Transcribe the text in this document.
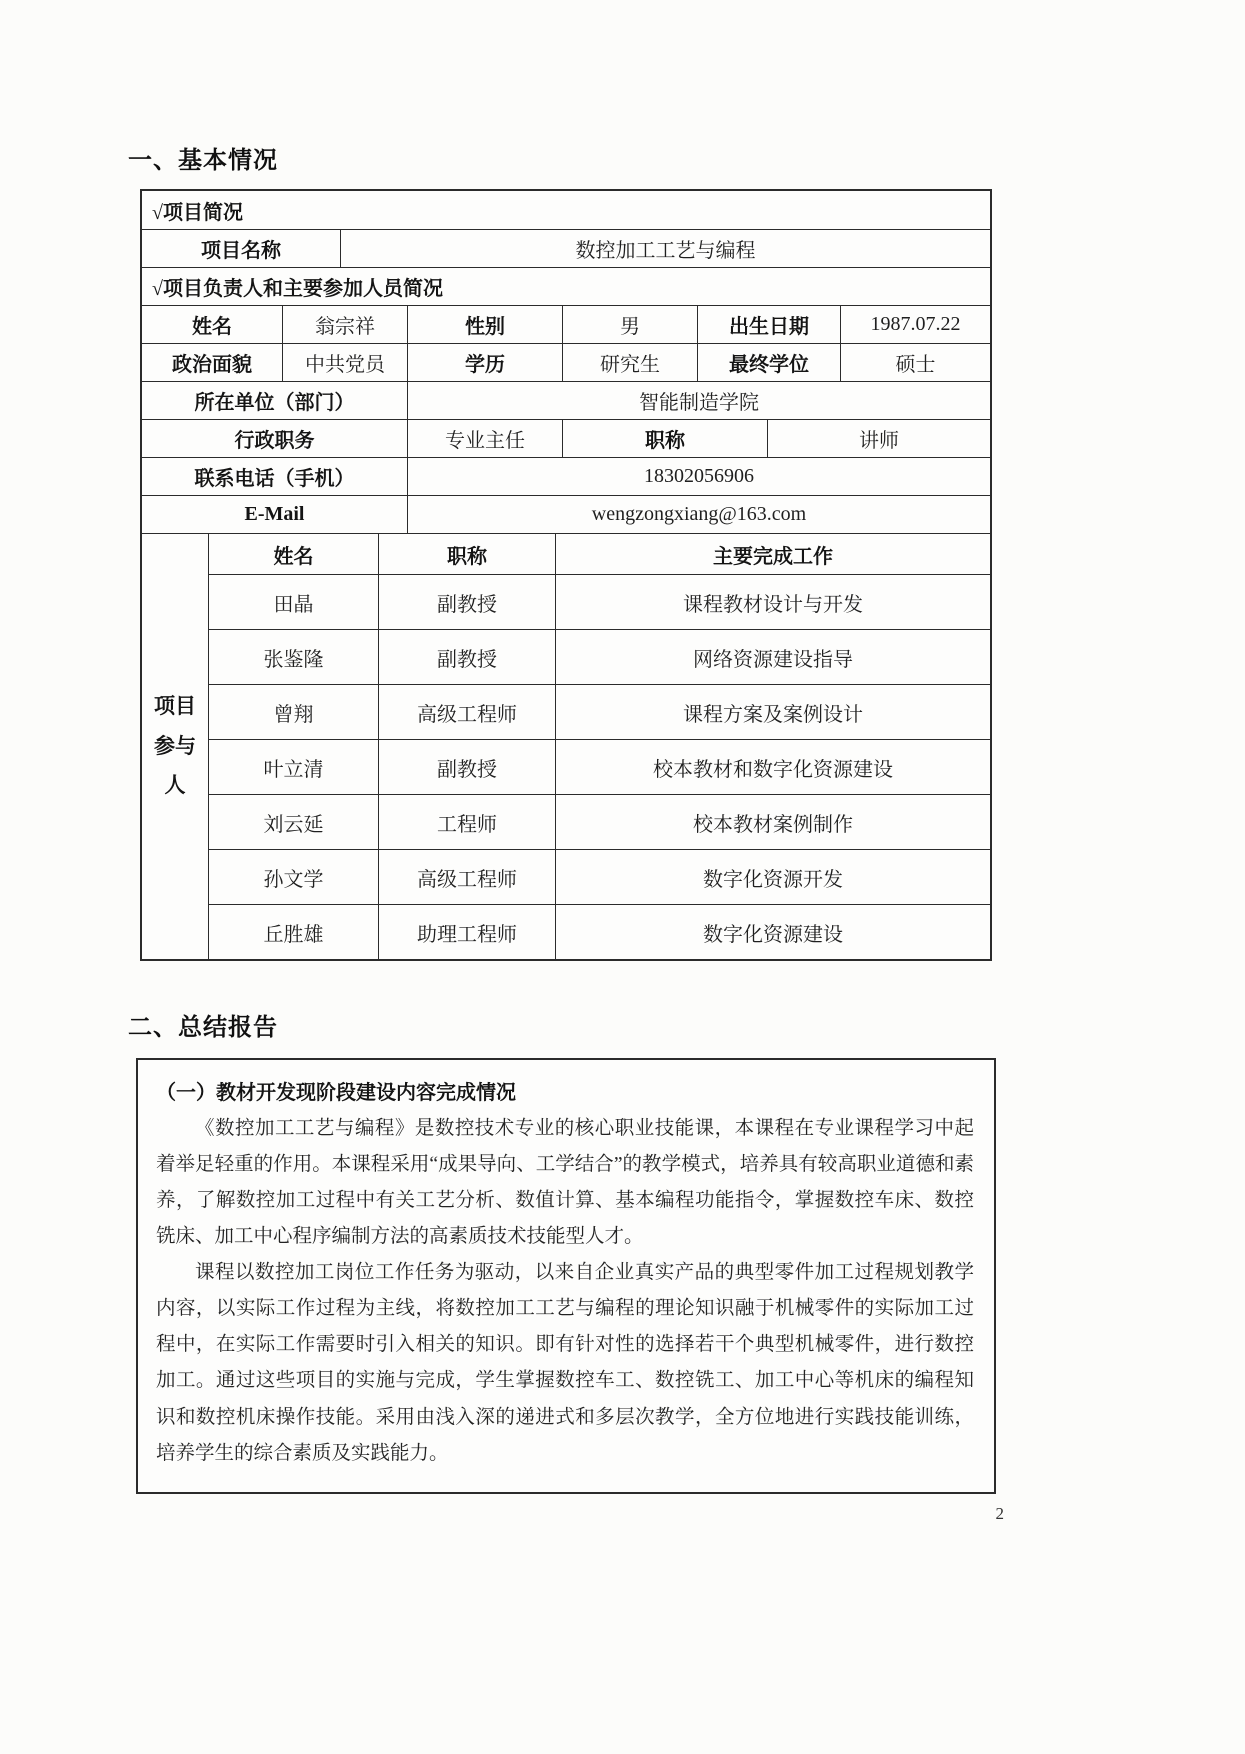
一、基本情况
√项目简况
项目名称	数控加工工艺与编程
√项目负责人和主要参加人员简况
姓名	翁宗祥	性别	男	出生日期	1987.07.22
政治面貌	中共党员	学历	研究生	最终学位	硕士
所在单位（部门）	智能制造学院
行政职务	专业主任	职称	讲师
联系电话（手机）	18302056906
E-Mail	wengzongxiang@163.com
项目参与人
姓名	职称	主要完成工作
田晶	副教授	课程教材设计与开发
张鉴隆	副教授	网络资源建设指导
曾翔	高级工程师	课程方案及案例设计
叶立清	副教授	校本教材和数字化资源建设
刘云延	工程师	校本教材案例制作
孙文学	高级工程师	数字化资源开发
丘胜雄	助理工程师	数字化资源建设
二、总结报告
（一）教材开发现阶段建设内容完成情况

《数控加工工艺与编程》是数控技术专业的核心职业技能课，本课程在专业课程学习中起着举足轻重的作用。本课程采用“成果导向、工学结合”的教学模式，培养具有较高职业道德和素养，了解数控加工过程中有关工艺分析、数值计算、基本编程功能指令，掌握数控车床、数控铣床、加工中心程序编制方法的高素质技术技能型人才。

课程以数控加工岗位工作任务为驱动，以来自企业真实产品的典型零件加工过程规划教学内容，以实际工作过程为主线，将数控加工工艺与编程的理论知识融于机械零件的实际加工过程中，在实际工作需要时引入相关的知识。即有针对性的选择若干个典型机械零件，进行数控加工。通过这些项目的实施与完成，学生掌握数控车工、数控铣工、加工中心等机床的编程知识和数控机床操作技能。采用由浅入深的递进式和多层次教学，全方位地进行实践技能训练，培养学生的综合素质及实践能力。

2
